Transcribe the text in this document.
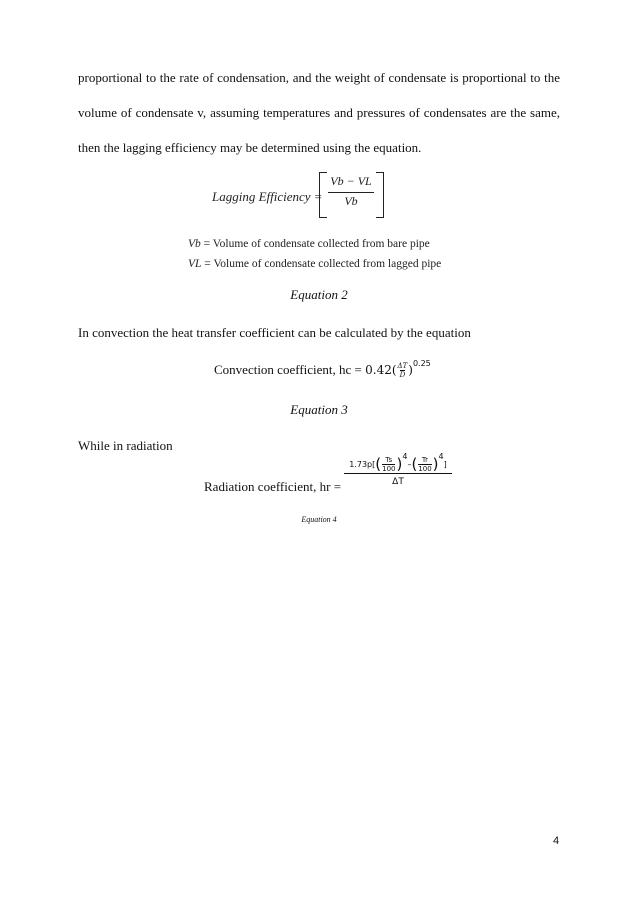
proportional to the rate of condensation, and the weight of condensate is proportional to the
volume of condensate v, assuming temperatures and pressures of condensates are the same,
then the lagging efficiency may be determined using the equation.
Lagging Efficiency =
Vb − VL
Vb
Vb = Volume of condensate collected from bare pipe
VL = Volume of condensate collected from lagged pipe
Equation 2
In convection the heat transfer coefficient can be calculated by the equation
Convection coefficient, hc = $0.42(\frac{\Delta T}{D})^{0.25}$
Equation 3
While in radiation
Radiation coefficient, hr =
$1.73p[(\frac{Ts}{100})4-(\frac{Tr}{100})4]$
ΔT
Equation 4
4
